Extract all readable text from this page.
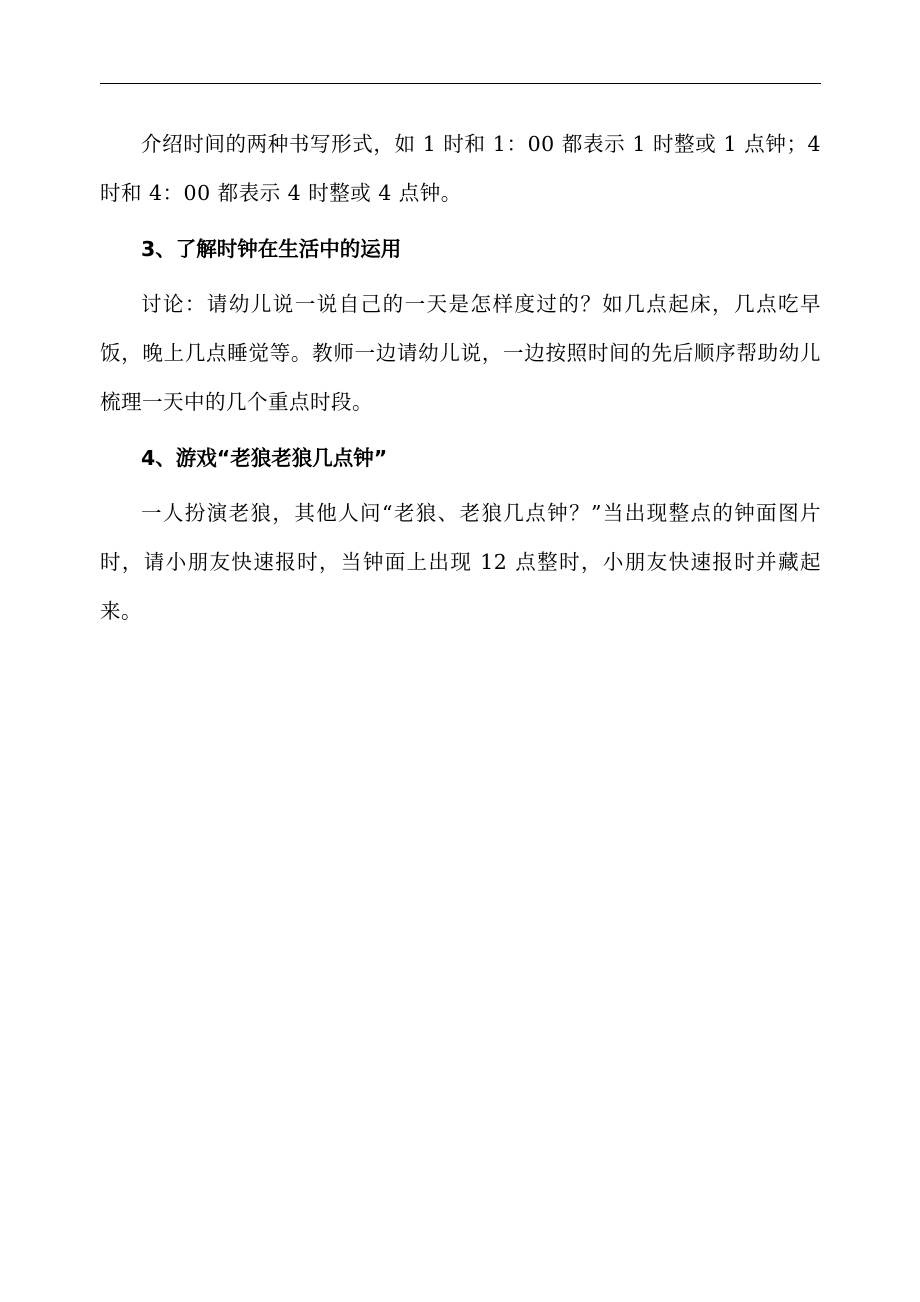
介绍时间的两种书写形式，如 1 时和 1：00 都表示 1 时整或 1 点钟；4 时和 4：00 都表示 4 时整或 4 点钟。

3、了解时钟在生活中的运用

讨论：请幼儿说一说自己的一天是怎样度过的？如几点起床，几点吃早饭，晚上几点睡觉等。教师一边请幼儿说，一边按照时间的先后顺序帮助幼儿梳理一天中的几个重点时段。

4、游戏“老狼老狼几点钟”

一人扮演老狼，其他人问“老狼、老狼几点钟？”当出现整点的钟面图片时，请小朋友快速报时，当钟面上出现 12 点整时，小朋友快速报时并藏起来。
